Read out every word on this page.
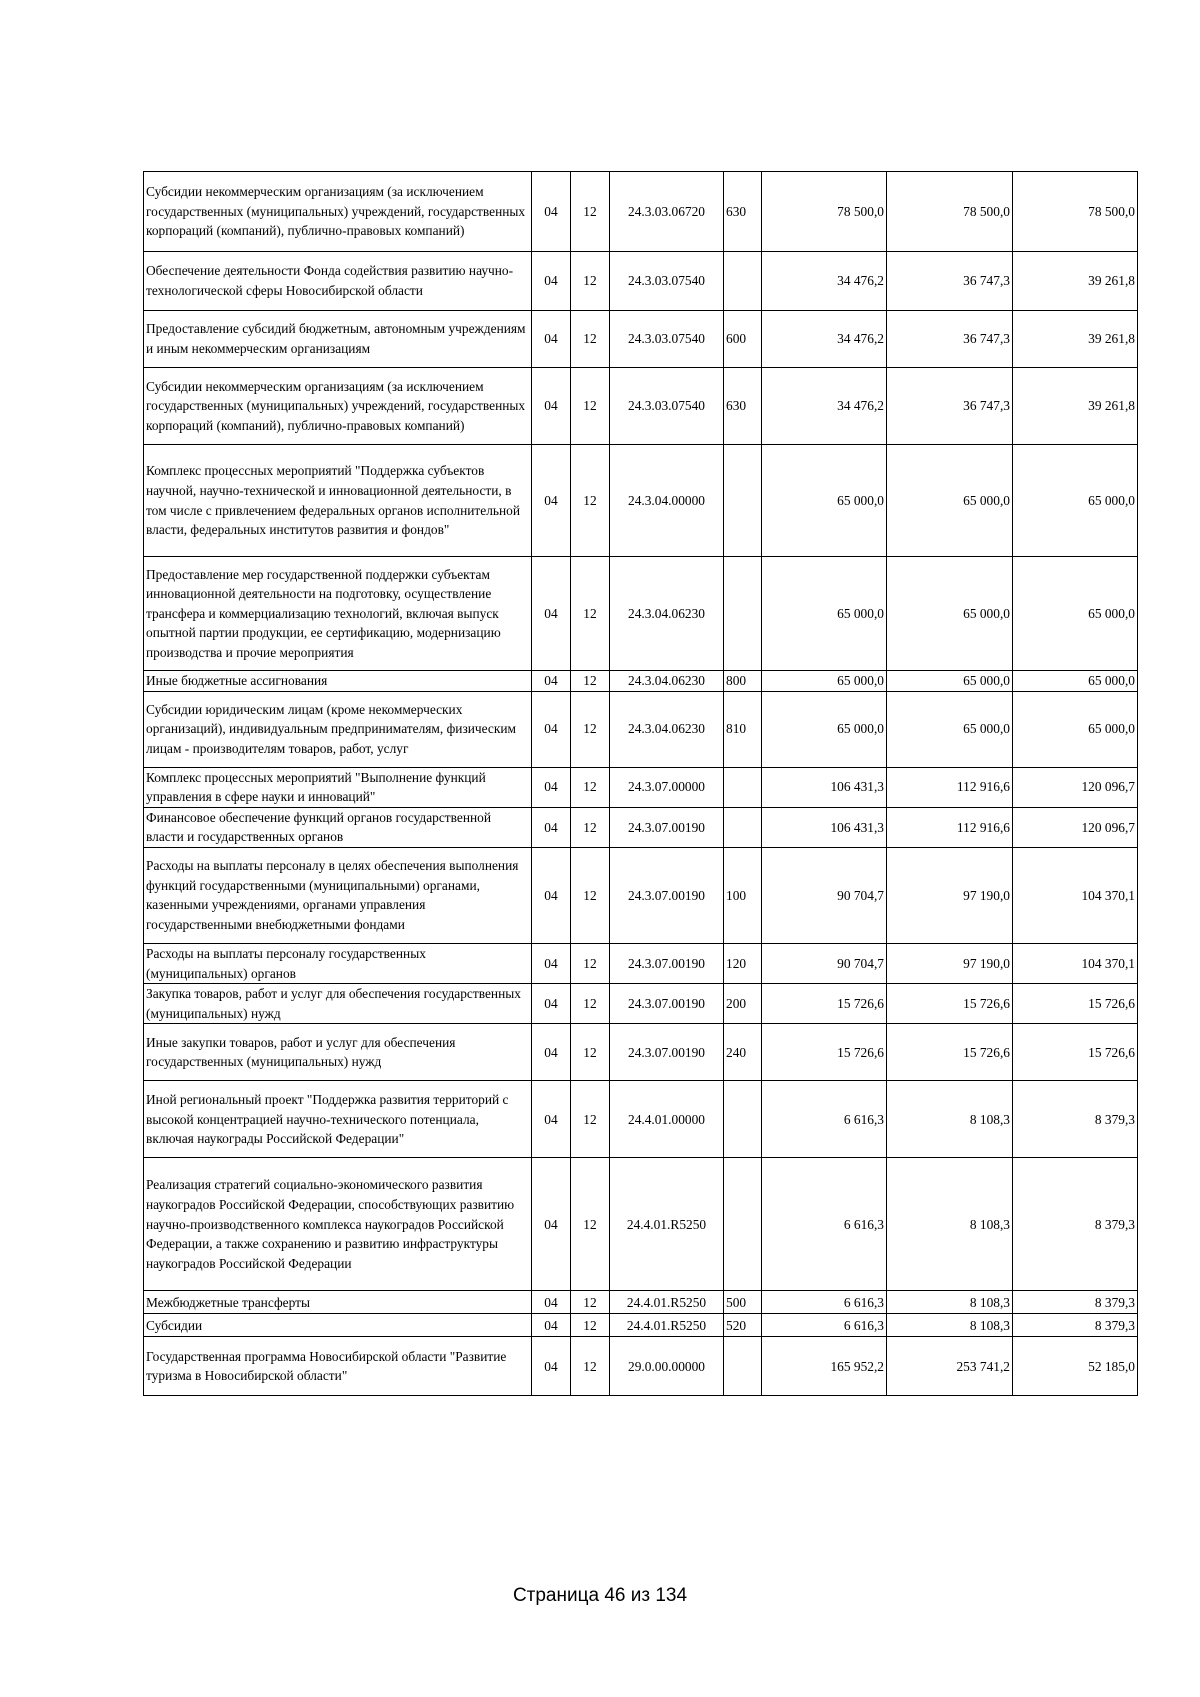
Субсидии некоммерческим организациям (за исключением государственных (муниципальных) учреждений, государственных корпораций (компаний), публично-правовых компаний)	04	12	24.3.03.06720	630	78 500,0	78 500,0	78 500,0
Обеспечение деятельности Фонда содействия развитию научно-технологической сферы Новосибирской области	04	12	24.3.03.07540		34 476,2	36 747,3	39 261,8
Предоставление субсидий бюджетным, автономным учреждениям и иным некоммерческим организациям	04	12	24.3.03.07540	600	34 476,2	36 747,3	39 261,8
Субсидии некоммерческим организациям (за исключением государственных (муниципальных) учреждений, государственных корпораций (компаний), публично-правовых компаний)	04	12	24.3.03.07540	630	34 476,2	36 747,3	39 261,8
Комплекс процессных мероприятий "Поддержка субъектов научной, научно-технической и инновационной деятельности, в том числе с привлечением федеральных органов исполнительной власти, федеральных институтов развития и фондов"	04	12	24.3.04.00000		65 000,0	65 000,0	65 000,0
Предоставление мер государственной поддержки субъектам инновационной деятельности на подготовку, осуществление трансфера и коммерциализацию технологий, включая выпуск опытной партии продукции, ее сертификацию, модернизацию производства и прочие мероприятия	04	12	24.3.04.06230		65 000,0	65 000,0	65 000,0
Иные бюджетные ассигнования	04	12	24.3.04.06230	800	65 000,0	65 000,0	65 000,0
Субсидии юридическим лицам (кроме некоммерческих организаций), индивидуальным предпринимателям, физическим лицам - производителям товаров, работ, услуг	04	12	24.3.04.06230	810	65 000,0	65 000,0	65 000,0
Комплекс процессных мероприятий "Выполнение функций управления в сфере науки и инноваций"	04	12	24.3.07.00000		106 431,3	112 916,6	120 096,7
Финансовое обеспечение функций органов государственной власти и государственных органов	04	12	24.3.07.00190		106 431,3	112 916,6	120 096,7
Расходы на выплаты персоналу в целях обеспечения выполнения функций государственными (муниципальными) органами, казенными учреждениями, органами управления государственными внебюджетными фондами	04	12	24.3.07.00190	100	90 704,7	97 190,0	104 370,1
Расходы на выплаты персоналу государственных (муниципальных) органов	04	12	24.3.07.00190	120	90 704,7	97 190,0	104 370,1
Закупка товаров, работ и услуг для обеспечения государственных (муниципальных) нужд	04	12	24.3.07.00190	200	15 726,6	15 726,6	15 726,6
Иные закупки товаров, работ и услуг для обеспечения государственных (муниципальных) нужд	04	12	24.3.07.00190	240	15 726,6	15 726,6	15 726,6
Иной региональный проект "Поддержка развития территорий с высокой концентрацией научно-технического потенциала, включая наукограды Российской Федерации"	04	12	24.4.01.00000		6 616,3	8 108,3	8 379,3
Реализация стратегий социально-экономического развития наукоградов Российской Федерации, способствующих развитию научно-производственного комплекса наукоградов Российской Федерации, а также сохранению и развитию инфраструктуры наукоградов Российской Федерации	04	12	24.4.01.R5250		6 616,3	8 108,3	8 379,3
Межбюджетные трансферты	04	12	24.4.01.R5250	500	6 616,3	8 108,3	8 379,3
Субсидии	04	12	24.4.01.R5250	520	6 616,3	8 108,3	8 379,3
Государственная программа Новосибирской области "Развитие туризма в Новосибирской области"	04	12	29.0.00.00000		165 952,2	253 741,2	52 185,0
Страница 46 из 134
